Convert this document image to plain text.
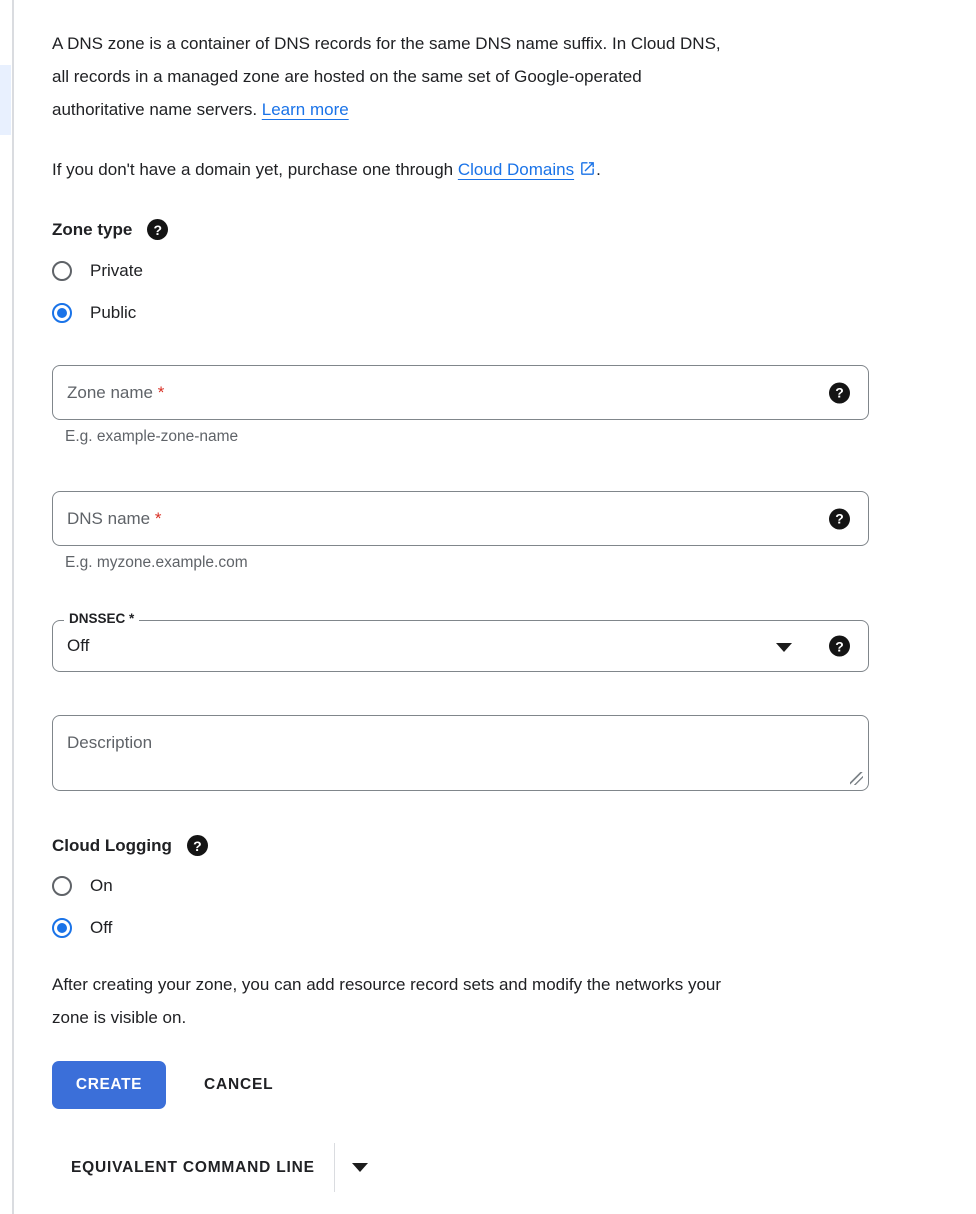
A DNS zone is a container of DNS records for the same DNS name suffix. In Cloud DNS,
all records in a managed zone are hosted on the same set of Google-operated
authoritative name servers. Learn more
If you don't have a domain yet, purchase one through Cloud Domains .
Zone type
?
Private
Public
Zone name *
?
E.g. example-zone-name
DNS name *
?
E.g. myzone.example.com
DNSSEC *
Off
?
Description
Cloud Logging
?
On
Off
After creating your zone, you can add resource record sets and modify the networks your
zone is visible on.
CREATE	CANCEL
EQUIVALENT COMMAND LINE
